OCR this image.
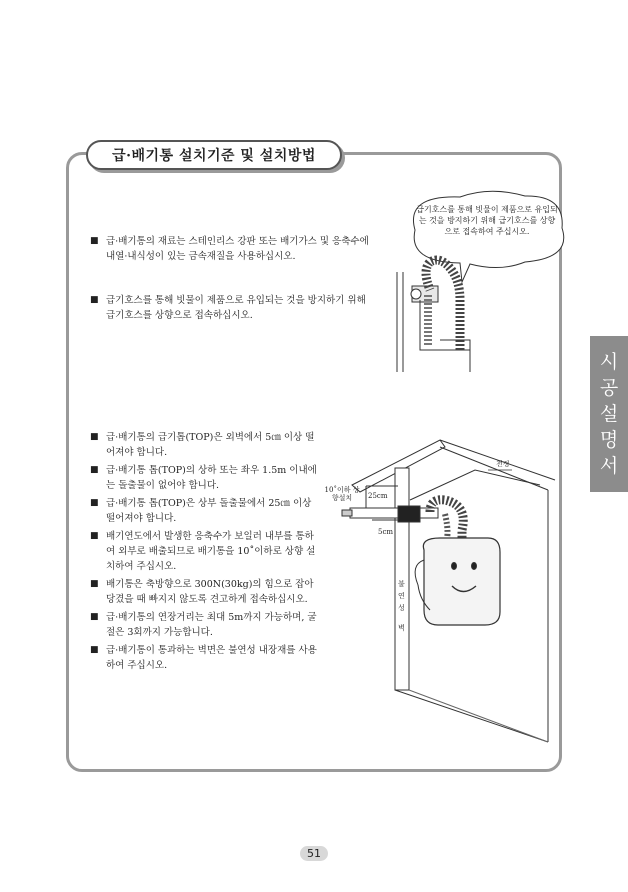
급·배기통 설치기준 및 설치방법
■ 급·배기통의 재료는 스테인리스 강판 또는 배기가스 및 응축수에 내열·내식성이 있는 금속재질을 사용하십시오.
■ 급기호스를 통해 빗물이 제품으로 유입되는 것을 방지하기 위해 급기호스를 상향으로 접속하십시오.
■ 급·배기통의 급기톱(TOP)은 외벽에서 5㎝ 이상 떨어져야 합니다.
■ 급·배기통 톱(TOP)의 상하 또는 좌우 1.5m 이내에는 돌출물이 없어야 합니다.
■ 급·배기통 톱(TOP)은 상부 돌출물에서 25㎝ 이상 떨어져야 합니다.
■ 배기연도에서 발생한 응축수가 보일러 내부를 통하여 외부로 배출되므로 배기통을 10˚이하로 상향 설치하여 주십시오.
■ 배기통은 축방향으로 300N(30kg)의 힘으로 잡아 당겼을 때 빠지지 않도록 견고하게 접속하십시오.
■ 급·배기통의 연장거리는 최대 5m까지 가능하며, 굴절은 3회까지 가능합니다.
■ 급·배기통이 통과하는 벽면은 불연성 내장재를 사용하여 주십시오.
급기호스를 통해 빗물이 제품으로 유입되는 것을 방지하기 위해 급기호스를 상향으로 접속하여 주십시오.
천정
10˚이하 상향설치	25cm
5cm
불
연
성
벽
시
공
설
명
서
51
